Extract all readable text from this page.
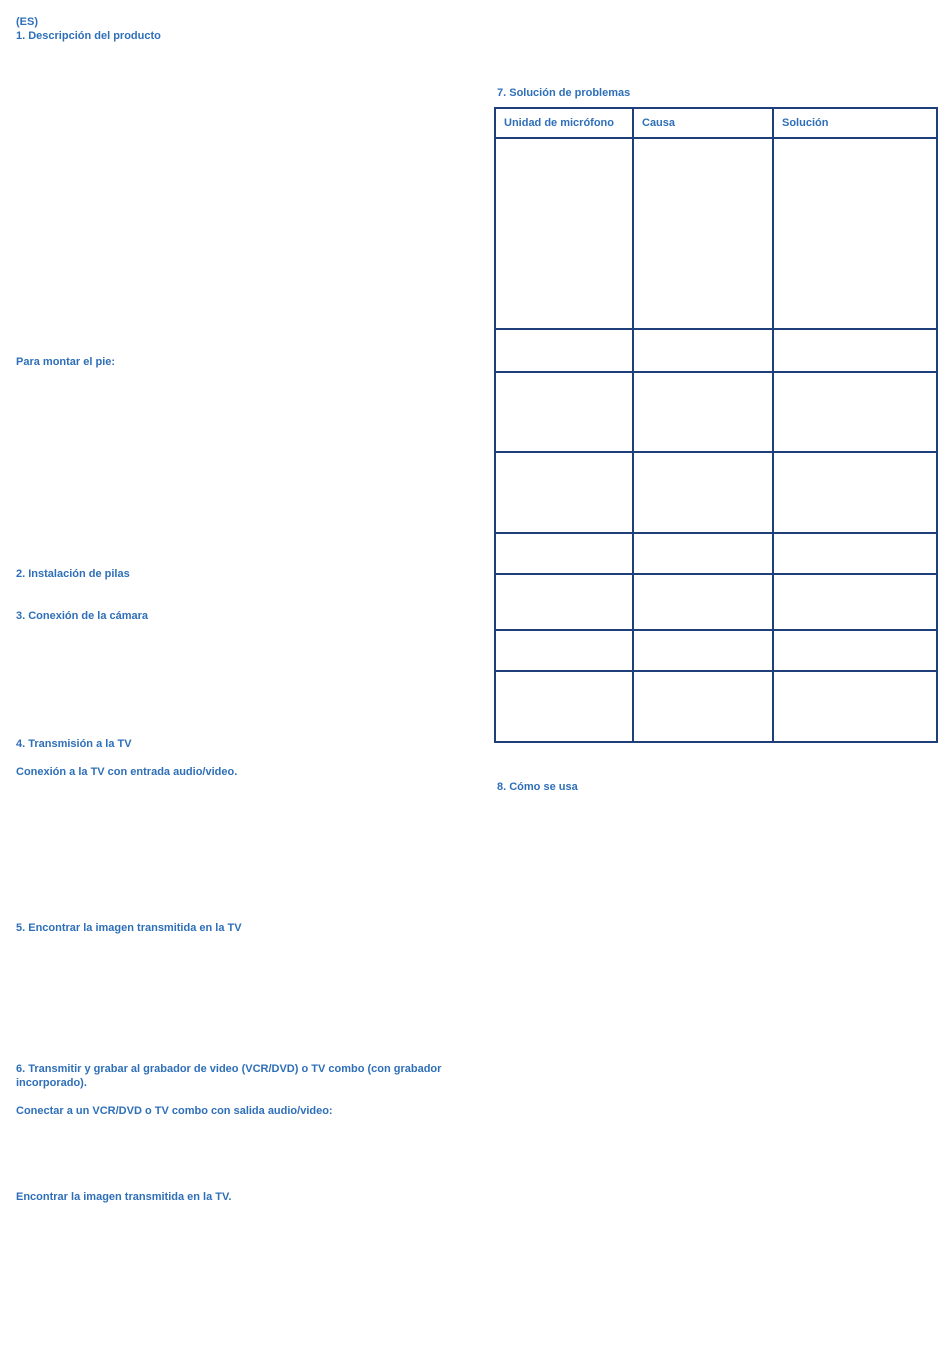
(ES)
1. Descripción del producto
Para montar el pie:
2. Instalación de pilas
3. Conexión de la cámara
4. Transmisión a la TV
Conexión a la TV con entrada audio/video.
5. Encontrar la imagen transmitida en la TV
6. Transmitir y grabar al grabador de video (VCR/DVD) o TV combo (con grabador incorporado).
Conectar a un VCR/DVD o TV combo con salida audio/video:
Encontrar la imagen transmitida en la TV.
7. Solución de problemas
Unidad de micrófono	Causa	Solución
8. Cómo se usa
